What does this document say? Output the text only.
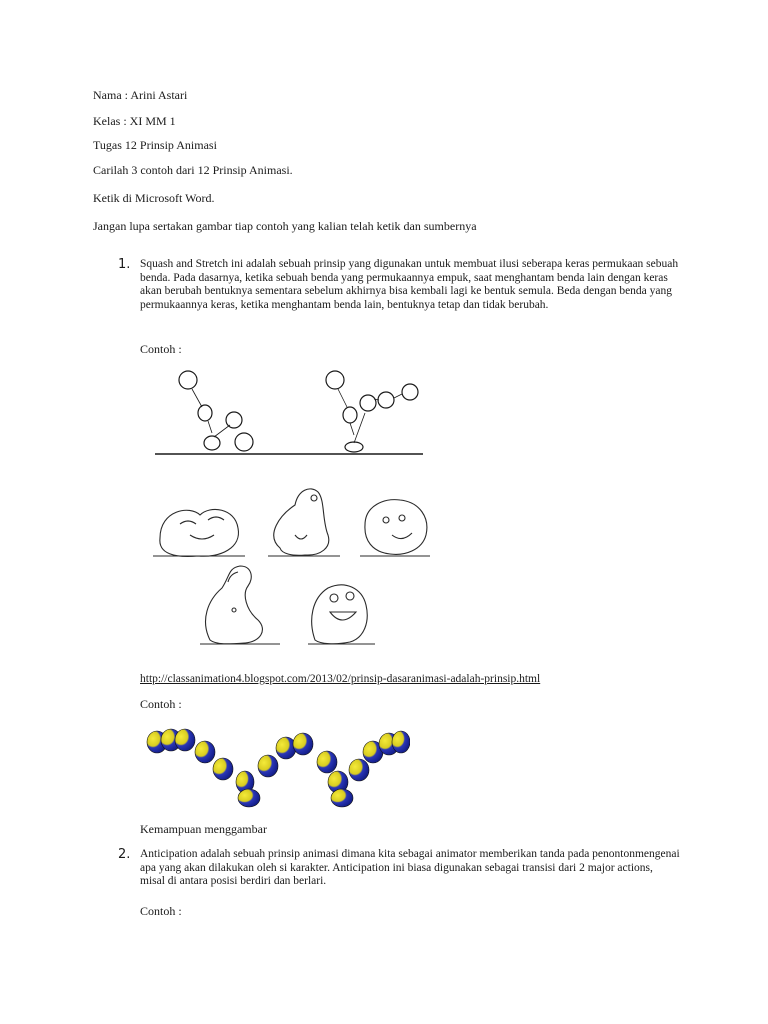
Nama : Arini Astari
Kelas : XI MM 1
Tugas 12 Prinsip Animasi
Carilah 3 contoh dari 12 Prinsip Animasi.
Ketik di Microsoft Word.
Jangan lupa sertakan gambar tiap contoh yang kalian telah ketik dan sumbernya
1. Squash and Stretch ini adalah sebuah prinsip yang digunakan untuk membuat ilusi seberapa keras permukaan sebuah benda. Pada dasarnya, ketika sebuah benda yang permukaannya empuk, saat menghantam benda lain dengan keras akan berubah bentuknya sementara sebelum akhirnya bisa kembali lagi ke bentuk semula. Beda dengan benda yang permukaannya keras, ketika menghantam benda lain, bentuknya tetap dan tidak berubah.
Contoh :
http://classanimation4.blogspot.com/2013/02/prinsip-dasaranimasi-adalah-prinsip.html
Contoh :
Kemampuan menggambar
2. Anticipation adalah sebuah prinsip animasi dimana kita sebagai animator memberikan tanda pada penontonmengenai apa yang akan dilakukan oleh si karakter. Anticipation ini biasa digunakan sebagai transisi dari 2 major actions, misal di antara posisi berdiri dan berlari.
Contoh :
